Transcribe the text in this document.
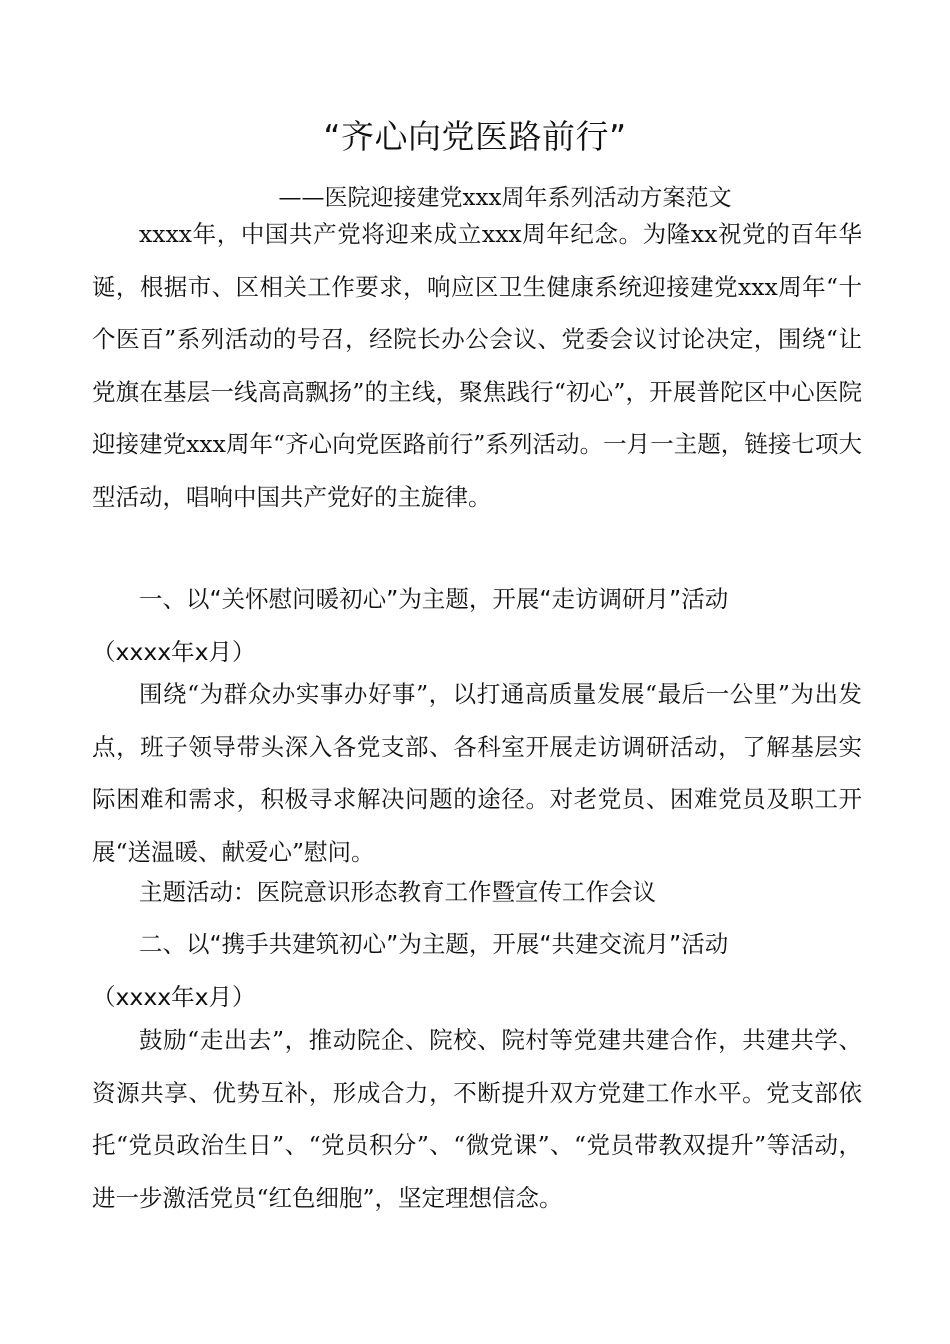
“齐心向党医路前行”
——医院迎接建党xxx周年系列活动方案范文

xxxx年，中国共产党将迎来成立xxx周年纪念。为隆xx祝党的百年华诞，根据市、区相关工作要求，响应区卫生健康系统迎接建党xxx周年“十个医百”系列活动的号召，经院长办公会议、党委会议讨论决定，围绕“让党旗在基层一线高高飘扬”的主线，聚焦践行“初心”，开展普陀区中心医院迎接建党xxx周年“齐心向党医路前行”系列活动。一月一主题，链接七项大型活动，唱响中国共产党好的主旋律。

一、以“关怀慰问暖初心”为主题，开展“走访调研月”活动
（xxxx年x月）

围绕“为群众办实事办好事”，以打通高质量发展“最后一公里”为出发点，班子领导带头深入各党支部、各科室开展走访调研活动，了解基层实际困难和需求，积极寻求解决问题的途径。对老党员、困难党员及职工开展“送温暖、献爱心”慰问。

主题活动：医院意识形态教育工作暨宣传工作会议

二、以“携手共建筑初心”为主题，开展“共建交流月”活动
（xxxx年x月）

鼓励“走出去”，推动院企、院校、院村等党建共建合作，共建共学、资源共享、优势互补，形成合力，不断提升双方党建工作水平。党支部依托“党员政治生日”、“党员积分”、“微党课”、“党员带教双提升”等活动，进一步激活党员“红色细胞”，坚定理想信念。
